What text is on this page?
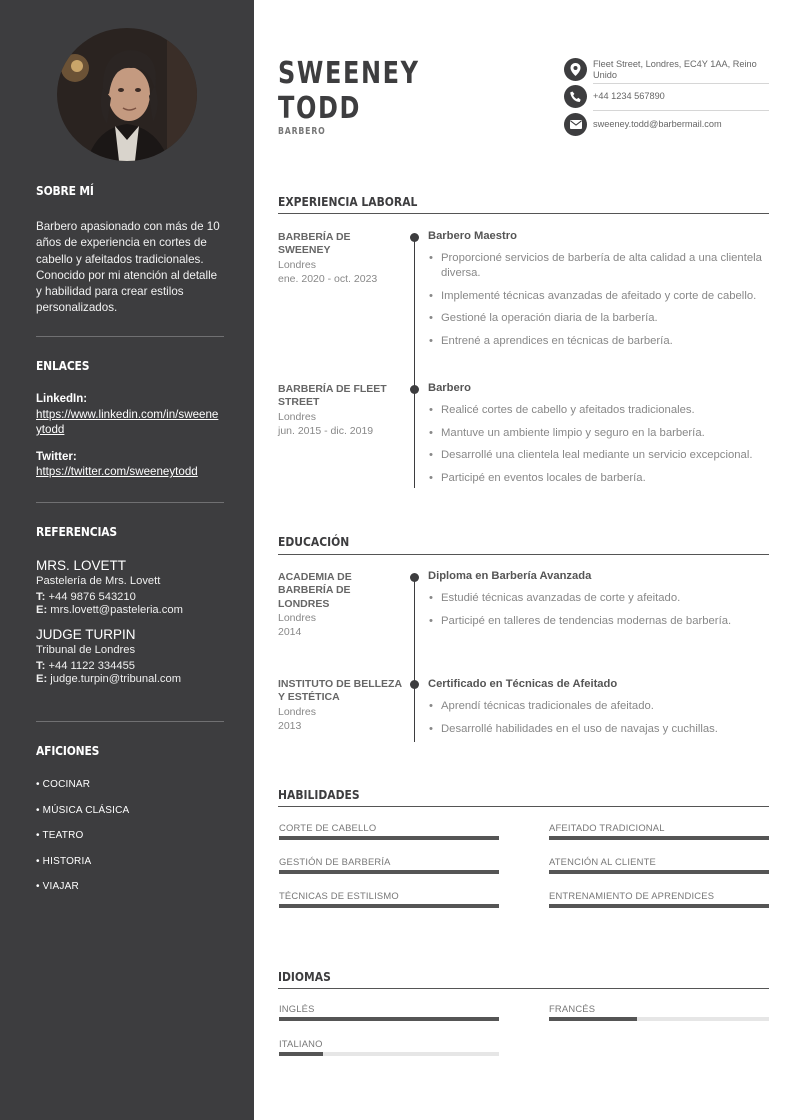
SOBRE MÍ
Barbero apasionado con más de 10 años de experiencia en cortes de cabello y afeitados tradicionales. Conocido por mi atención al detalle y habilidad para crear estilos personalizados.
ENLACES
LinkedIn:
https://www.linkedin.com/in/sweeneytodd
Twitter:
https://twitter.com/sweeneytodd
REFERENCIAS
MRS. LOVETT
Pastelería de Mrs. Lovett
T: +44 9876 543210
E: mrs.lovett@pasteleria.com
JUDGE TURPIN
Tribunal de Londres
T: +44 1122 334455
E: judge.turpin@tribunal.com
AFICIONES
• COCINAR
• MÚSICA CLÁSICA
• TEATRO
• HISTORIA
• VIAJAR
SWEENEY
TODD
BARBERO
Fleet Street, Londres, EC4Y 1AA, Reino Unido
+44 1234 567890
sweeney.todd@barbermail.com
EXPERIENCIA LABORAL
BARBERÍA DE SWEENEY
Londres
ene. 2020 - oct. 2023
Barbero Maestro
• Proporcioné servicios de barbería de alta calidad a una clientela diversa.
• Implementé técnicas avanzadas de afeitado y corte de cabello.
• Gestioné la operación diaria de la barbería.
• Entrené a aprendices en técnicas de barbería.
BARBERÍA DE FLEET STREET
Londres
jun. 2015 - dic. 2019
Barbero
• Realicé cortes de cabello y afeitados tradicionales.
• Mantuve un ambiente limpio y seguro en la barbería.
• Desarrollé una clientela leal mediante un servicio excepcional.
• Participé en eventos locales de barbería.
EDUCACIÓN
ACADEMIA DE BARBERÍA DE LONDRES
Londres
2014
Diploma en Barbería Avanzada
• Estudié técnicas avanzadas de corte y afeitado.
• Participé en talleres de tendencias modernas de barbería.
INSTITUTO DE BELLEZA Y ESTÉTICA
Londres
2013
Certificado en Técnicas de Afeitado
• Aprendí técnicas tradicionales de afeitado.
• Desarrollé habilidades en el uso de navajas y cuchillas.
HABILIDADES
CORTE DE CABELLO	AFEITADO TRADICIONAL
GESTIÓN DE BARBERÍA	ATENCIÓN AL CLIENTE
TÉCNICAS DE ESTILISMO	ENTRENAMIENTO DE APRENDICES
IDIOMAS
INGLÉS	FRANCÉS
ITALIANO
